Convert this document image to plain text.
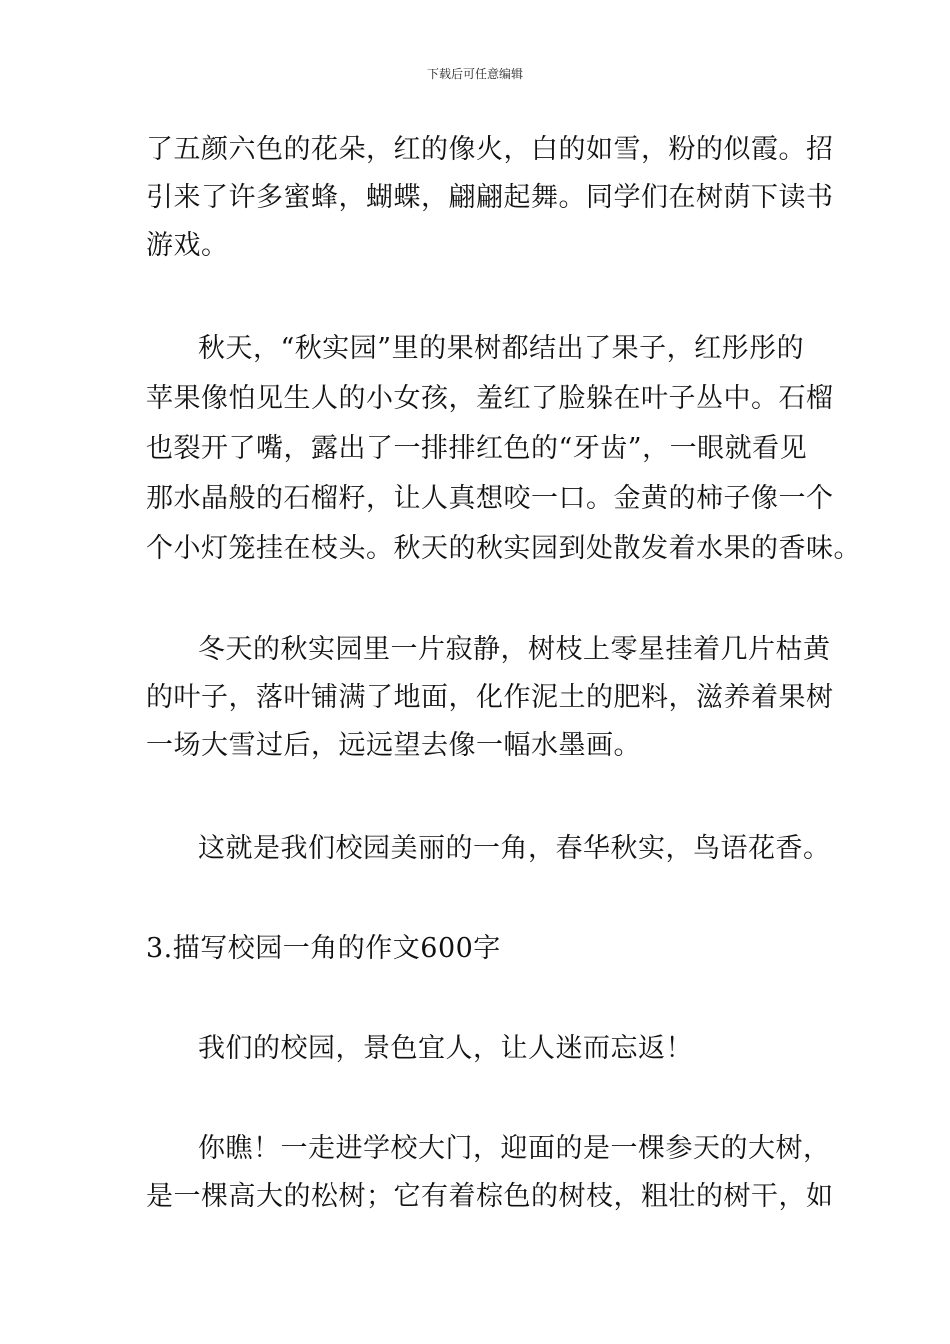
下载后可任意编辑
了五颜六色的花朵，红的像火，白的如雪，粉的似霞。招
引来了许多蜜蜂，蝴蝶，翩翩起舞。同学们在树荫下读书
游戏。
秋天，“秋实园”里的果树都结出了果子，红彤彤的
苹果像怕见生人的小女孩，羞红了脸躲在叶子丛中。石榴
也裂开了嘴，露出了一排排红色的“牙齿”，一眼就看见
那水晶般的石榴籽，让人真想咬一口。金黄的柿子像一个
个小灯笼挂在枝头。秋天的秋实园到处散发着水果的香味。
冬天的秋实园里一片寂静，树枝上零星挂着几片枯黄
的叶子，落叶铺满了地面，化作泥土的肥料，滋养着果树
一场大雪过后，远远望去像一幅水墨画。
这就是我们校园美丽的一角，春华秋实，鸟语花香。
3.描写校园一角的作文600字
我们的校园，景色宜人，让人迷而忘返！
你瞧！一走进学校大门，迎面的是一棵参天的大树，
是一棵高大的松树；它有着棕色的树枝，粗壮的树干，如
